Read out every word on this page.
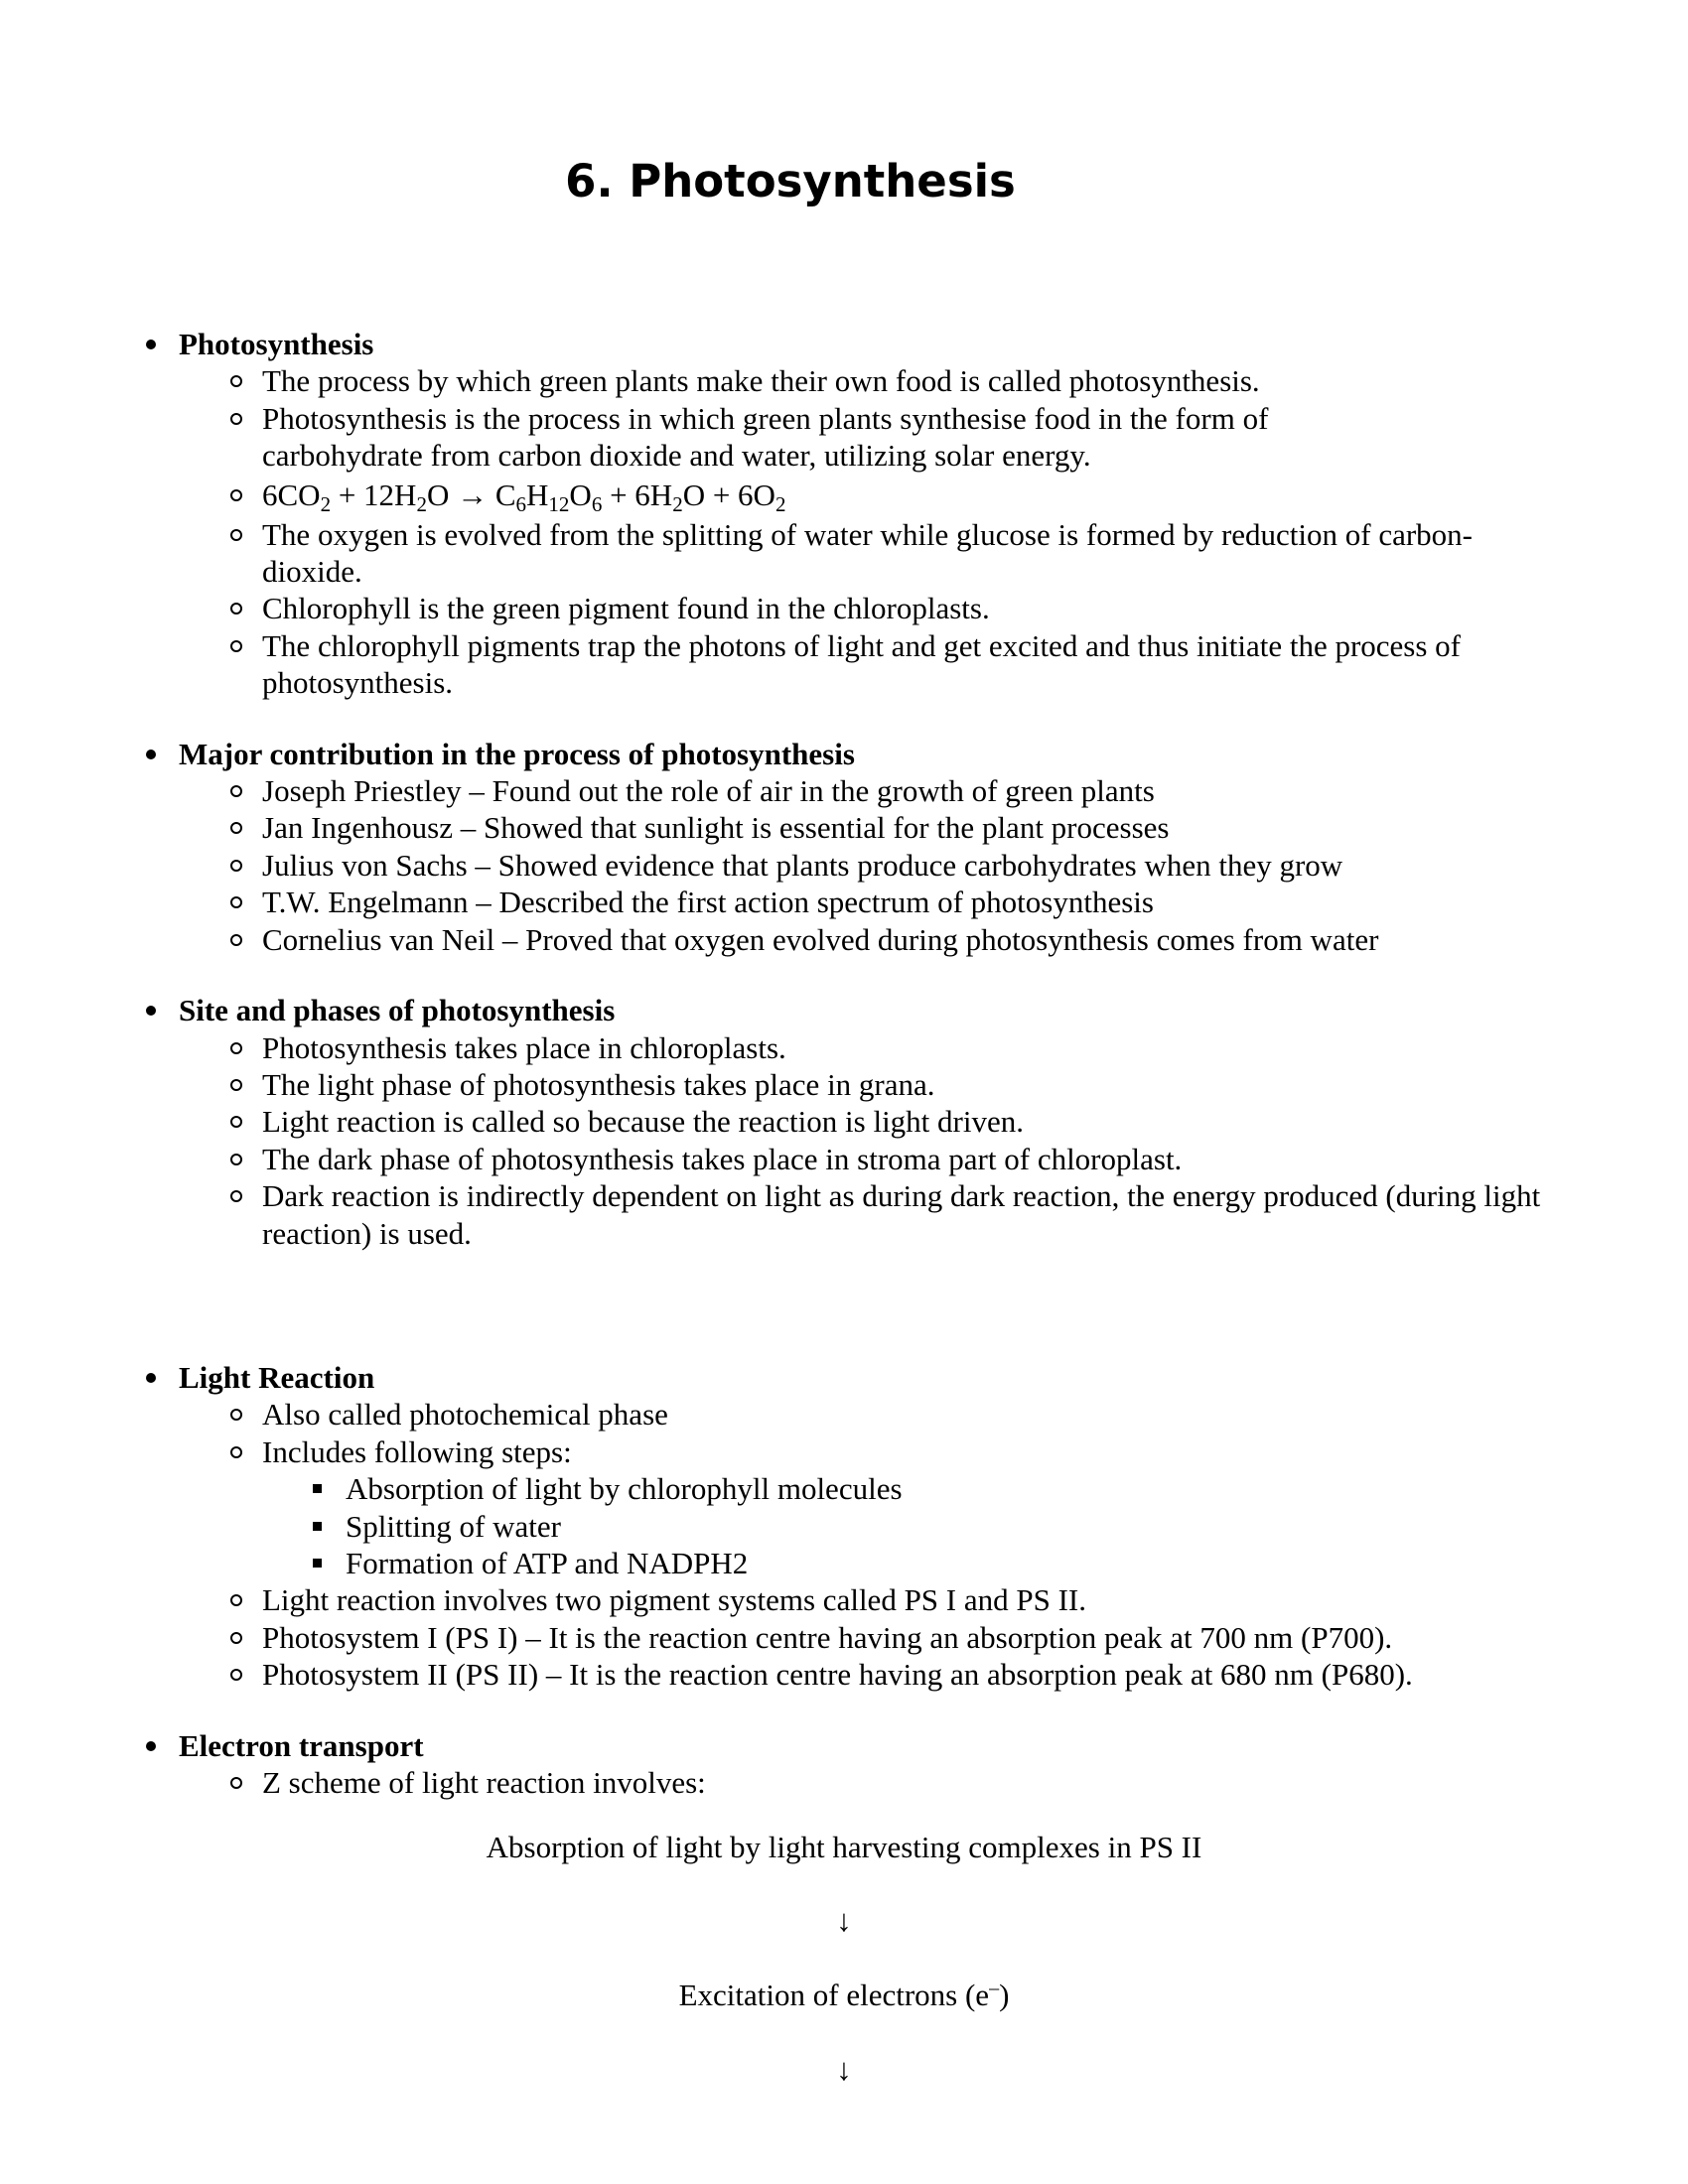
6. Photosynthesis
Photosynthesis
The process by which green plants make their own food is called photosynthesis.
Photosynthesis is the process in which green plants synthesise food in the form of carbohydrate from carbon dioxide and water, utilizing solar energy.
$6CO_2 + 12H_2O \to C_6H_{12}O_6 + 6H_2O + 6O_2$
The oxygen is evolved from the splitting of water while glucose is formed by reduction of carbon-dioxide.
Chlorophyll is the green pigment found in the chloroplasts.
The chlorophyll pigments trap the photons of light and get excited and thus initiate the process of photosynthesis.
Major contribution in the process of photosynthesis
Joseph Priestley – Found out the role of air in the growth of green plants
Jan Ingenhousz – Showed that sunlight is essential for the plant processes
Julius von Sachs – Showed evidence that plants produce carbohydrates when they grow
T.W. Engelmann – Described the first action spectrum of photosynthesis
Cornelius van Neil – Proved that oxygen evolved during photosynthesis comes from water
Site and phases of photosynthesis
Photosynthesis takes place in chloroplasts.
The light phase of photosynthesis takes place in grana.
Light reaction is called so because the reaction is light driven.
The dark phase of photosynthesis takes place in stroma part of chloroplast.
Dark reaction is indirectly dependent on light as during dark reaction, the energy produced (during light reaction) is used.
Light Reaction
Also called photochemical phase
Includes following steps:
Absorption of light by chlorophyll molecules
Splitting of water
Formation of ATP and NADPH2
Light reaction involves two pigment systems called PS I and PS II.
Photosystem I (PS I) – It is the reaction centre having an absorption peak at 700 nm (P700).
Photosystem II (PS II) – It is the reaction centre having an absorption peak at 680 nm (P680).
Electron transport
Z scheme of light reaction involves:
Absorption of light by light harvesting complexes in PS II
↓
Excitation of electrons (e–)
↓
